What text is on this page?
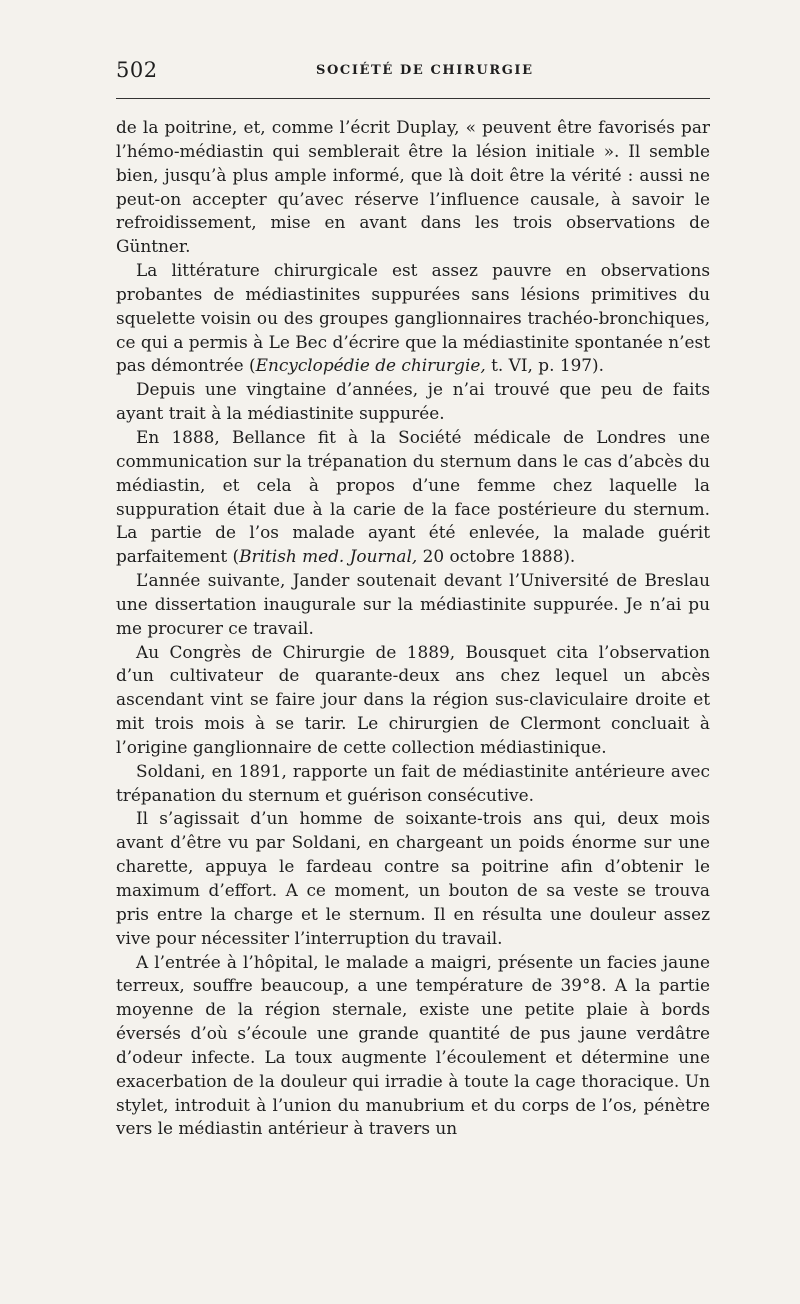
502	SOCIÉTÉ DE CHIRURGIE

de la poitrine, et, comme l’écrit Duplay, « peuvent être favorisés par l’hémo-médiastin qui semblerait être la lésion initiale ». Il semble bien, jusqu’à plus ample informé, que là doit être la vérité : aussi ne peut-on accepter qu’avec réserve l’influence causale, à savoir le refroidissement, mise en avant dans les trois observations de Güntner.

La littérature chirurgicale est assez pauvre en observations probantes de médiastinites suppurées sans lésions primitives du squelette voisin ou des groupes ganglionnaires trachéo-bronchiques, ce qui a permis à Le Bec d’écrire que la médiastinite spontanée n’est pas démontrée (Encyclopédie de chirurgie, t. VI, p. 197).

Depuis une vingtaine d’années, je n’ai trouvé que peu de faits ayant trait à la médiastinite suppurée.

En 1888, Bellance fit à la Société médicale de Londres une communication sur la trépanation du sternum dans le cas d’abcès du médiastin, et cela à propos d’une femme chez laquelle la suppuration était due à la carie de la face postérieure du sternum. La partie de l’os malade ayant été enlevée, la malade guérit parfaitement (British med. Journal, 20 octobre 1888).

L’année suivante, Jander soutenait devant l’Université de Breslau une dissertation inaugurale sur la médiastinite suppurée. Je n’ai pu me procurer ce travail.

Au Congrès de Chirurgie de 1889, Bousquet cita l’observation d’un cultivateur de quarante-deux ans chez lequel un abcès ascendant vint se faire jour dans la région sus-claviculaire droite et mit trois mois à se tarir. Le chirurgien de Clermont concluait à l’origine ganglionnaire de cette collection médiastinique.

Soldani, en 1891, rapporte un fait de médiastinite antérieure avec trépanation du sternum et guérison consécutive.

Il s’agissait d’un homme de soixante-trois ans qui, deux mois avant d’être vu par Soldani, en chargeant un poids énorme sur une charette, appuya le fardeau contre sa poitrine afin d’obtenir le maximum d’effort. A ce moment, un bouton de sa veste se trouva pris entre la charge et le sternum. Il en résulta une douleur assez vive pour nécessiter l’interruption du travail.

A l’entrée à l’hôpital, le malade a maigri, présente un facies jaune terreux, souffre beaucoup, a une température de 39°8. A la partie moyenne de la région sternale, existe une petite plaie à bords éversés d’où s’écoule une grande quantité de pus jaune verdâtre d’odeur infecte. La toux augmente l’écoulement et détermine une exacerbation de la douleur qui irradie à toute la cage thoracique. Un stylet, introduit à l’union du manubrium et du corps de l’os, pénètre vers le médiastin antérieur à travers un
